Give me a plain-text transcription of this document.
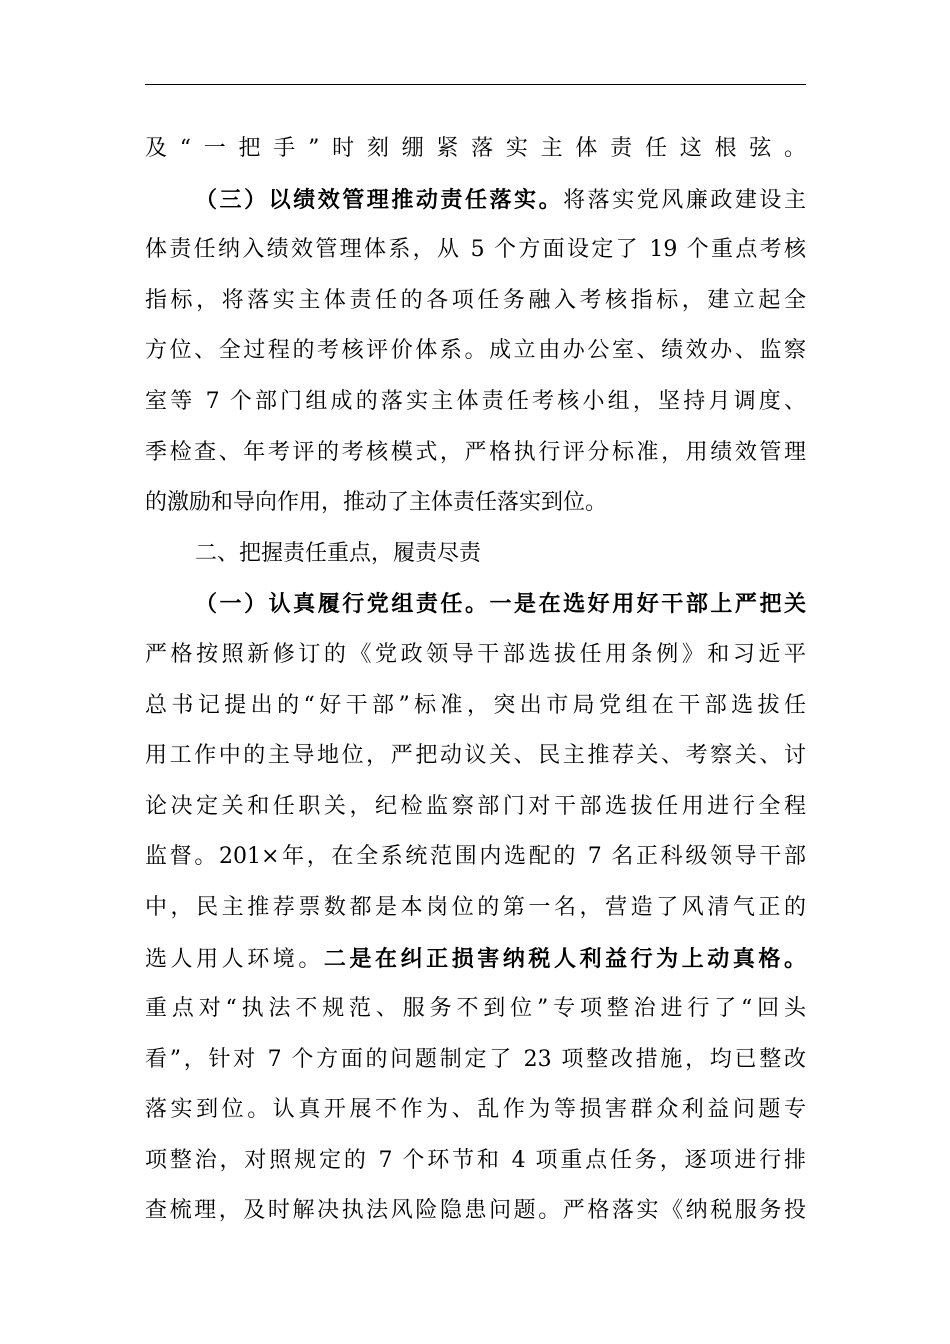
及“一把手”时刻绷紧落实主体责任这根弦。
（三）以绩效管理推动责任落实。将落实党风廉政建设主
体责任纳入绩效管理体系，从 5 个方面设定了 19 个重点考核
指标，将落实主体责任的各项任务融入考核指标，建立起全
方位、全过程的考核评价体系。成立由办公室、绩效办、监察
室等 7 个部门组成的落实主体责任考核小组，坚持月调度、
季检查、年考评的考核模式，严格执行评分标准，用绩效管理
的激励和导向作用，推动了主体责任落实到位。
二、把握责任重点，履责尽责
（一）认真履行党组责任。一是在选好用好干部上严把关
严格按照新修订的《党政领导干部选拔任用条例》和习近平
总书记提出的“好干部”标准，突出市局党组在干部选拔任
用工作中的主导地位，严把动议关、民主推荐关、考察关、讨
论决定关和任职关，纪检监察部门对干部选拔任用进行全程
监督。201×年，在全系统范围内选配的 7 名正科级领导干部
中，民主推荐票数都是本岗位的第一名，营造了风清气正的
选人用人环境。二是在纠正损害纳税人利益行为上动真格。
重点对“执法不规范、服务不到位”专项整治进行了“回头
看”，针对 7 个方面的问题制定了 23 项整改措施，均已整改
落实到位。认真开展不作为、乱作为等损害群众利益问题专
项整治，对照规定的 7 个环节和 4 项重点任务，逐项进行排
查梳理，及时解决执法风险隐患问题。严格落实《纳税服务投
